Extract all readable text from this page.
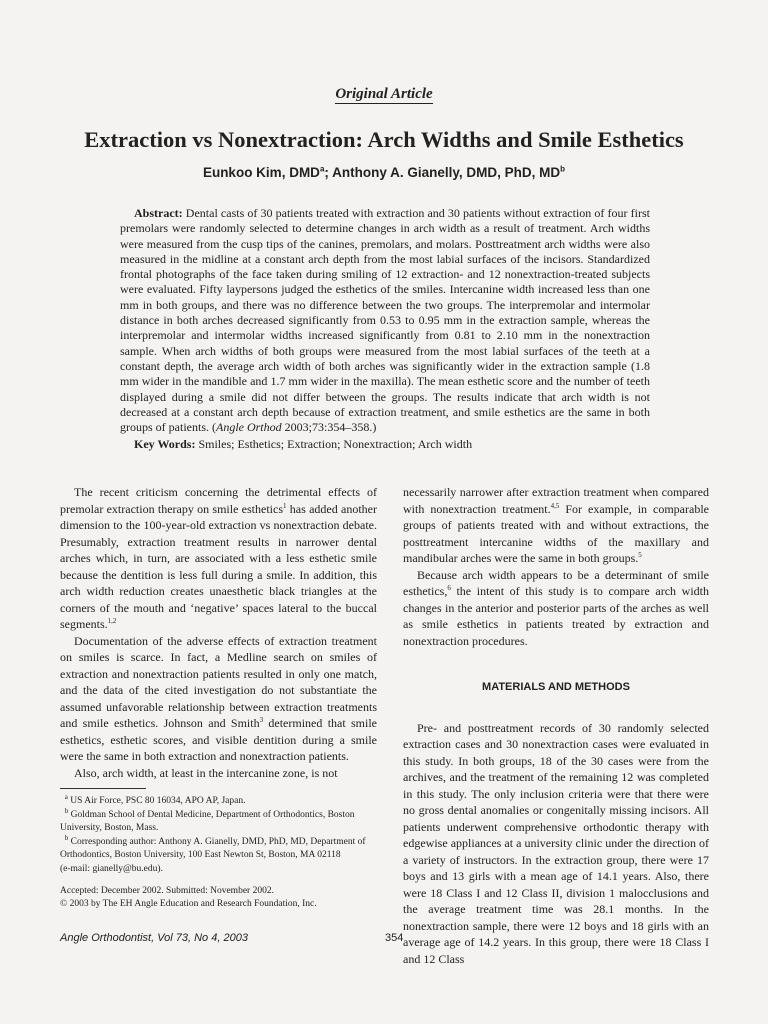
Original Article
Extraction vs Nonextraction: Arch Widths and Smile Esthetics
Eunkoo Kim, DMD$^a$; Anthony A. Gianelly, DMD, PhD, $MD^b$

Abstract: Dental casts of 30 patients treated with extraction and 30 patients without extraction of four first premolars were randomly selected to determine changes in arch width as a result of treatment. Arch widths were measured from the cusp tips of the canines, premolars, and molars. Posttreatment arch widths were also measured in the midline at a constant arch depth from the most labial surfaces of the incisors. Standardized frontal photographs of the face taken during smiling of 12 extraction- and 12 nonextraction-treated subjects were evaluated. Fifty laypersons judged the esthetics of the smiles. Intercanine width increased less than one mm in both groups, and there was no difference between the two groups. The interpremolar and intermolar distance in both arches decreased significantly from 0.53 to 0.95 mm in the extraction sample, whereas the interpremolar and intermolar widths increased significantly from 0.81 to 2.10 mm in the nonextraction sample. When arch widths of both groups were measured from the most labial surfaces of the teeth at a constant depth, the average arch width of both arches was significantly wider in the extraction sample (1.8 mm wider in the mandible and 1.7 mm wider in the maxilla). The mean esthetic score and the number of teeth displayed during a smile did not differ between the groups. The results indicate that arch width is not decreased at a constant arch depth because of extraction treatment, and smile esthetics are the same in both groups of patients. (Angle Orthod 2003;73:354–358.)

Key Words: Smiles; Esthetics; Extraction; Nonextraction; Arch width

The recent criticism concerning the detrimental effects of premolar extraction therapy on smile esthetics$^1$ has added another dimension to the 100-year-old extraction vs nonextraction debate. Presumably, extraction treatment results in narrower dental arches which, in turn, are associated with a less esthetic smile because the dentition is less full during a smile. In addition, this arch width reduction creates unaesthetic black triangles at the corners of the mouth and ‘negative’ spaces lateral to the buccal segments.$^{1,2}$

Documentation of the adverse effects of extraction treatment on smiles is scarce. In fact, a Medline search on smiles of extraction and nonextraction patients resulted in only one match, and the data of the cited investigation do not substantiate the assumed unfavorable relationship between extraction treatments and smile esthetics. Johnson and Smith$^3$ determined that smile esthetics, esthetic scores, and visible dentition during a smile were the same in both extraction and nonextraction patients.

Also, arch width, at least in the intercanine zone, is not

$^a$ US Air Force, PSC 80 16034, APO AP, Japan.

$^b$ Goldman School of Dental Medicine, Department of Orthodontics, Boston University, Boston, Mass.

$^b$ Corresponding author: Anthony A. Gianelly, DMD, PhD, MD, Department of Orthodontics, Boston University, 100 East Newton St, Boston, MA 02118

(e-mail: gianelly@bu.edu).

Accepted: December 2002. Submitted: November 2002.

© 2003 by The EH Angle Education and Research Foundation, Inc.

necessarily narrower after extraction treatment when compared with nonextraction treatment.$^{4,5}$ For example, in comparable groups of patients treated with and without extractions, the posttreatment intercanine widths of the maxillary and mandibular arches were the same in both groups.$^5$

Because arch width appears to be a determinant of smile esthetics,$^6$ the intent of this study is to compare arch width changes in the anterior and posterior parts of the arches as well as smile esthetics in patients treated by extraction and nonextraction procedures.

MATERIALS AND METHODS

Pre- and posttreatment records of 30 randomly selected extraction cases and 30 nonextraction cases were evaluated in this study. In both groups, 18 of the 30 cases were from the archives, and the treatment of the remaining 12 was completed in this study. The only inclusion criteria were that there were no gross dental anomalies or congenitally missing incisors. All patients underwent comprehensive orthodontic therapy with edgewise appliances at a university clinic under the direction of a variety of instructors. In the extraction group, there were 17 boys and 13 girls with a mean age of 14.1 years. Also, there were 18 Class I and 12 Class II, division 1 malocclusions and the average treatment time was 28.1 months. In the nonextraction sample, there were 12 boys and 18 girls with an average age of 14.2 years. In this group, there were 18 Class I and 12 Class

Angle Orthodontist, Vol 73, No 4, 2003	354
